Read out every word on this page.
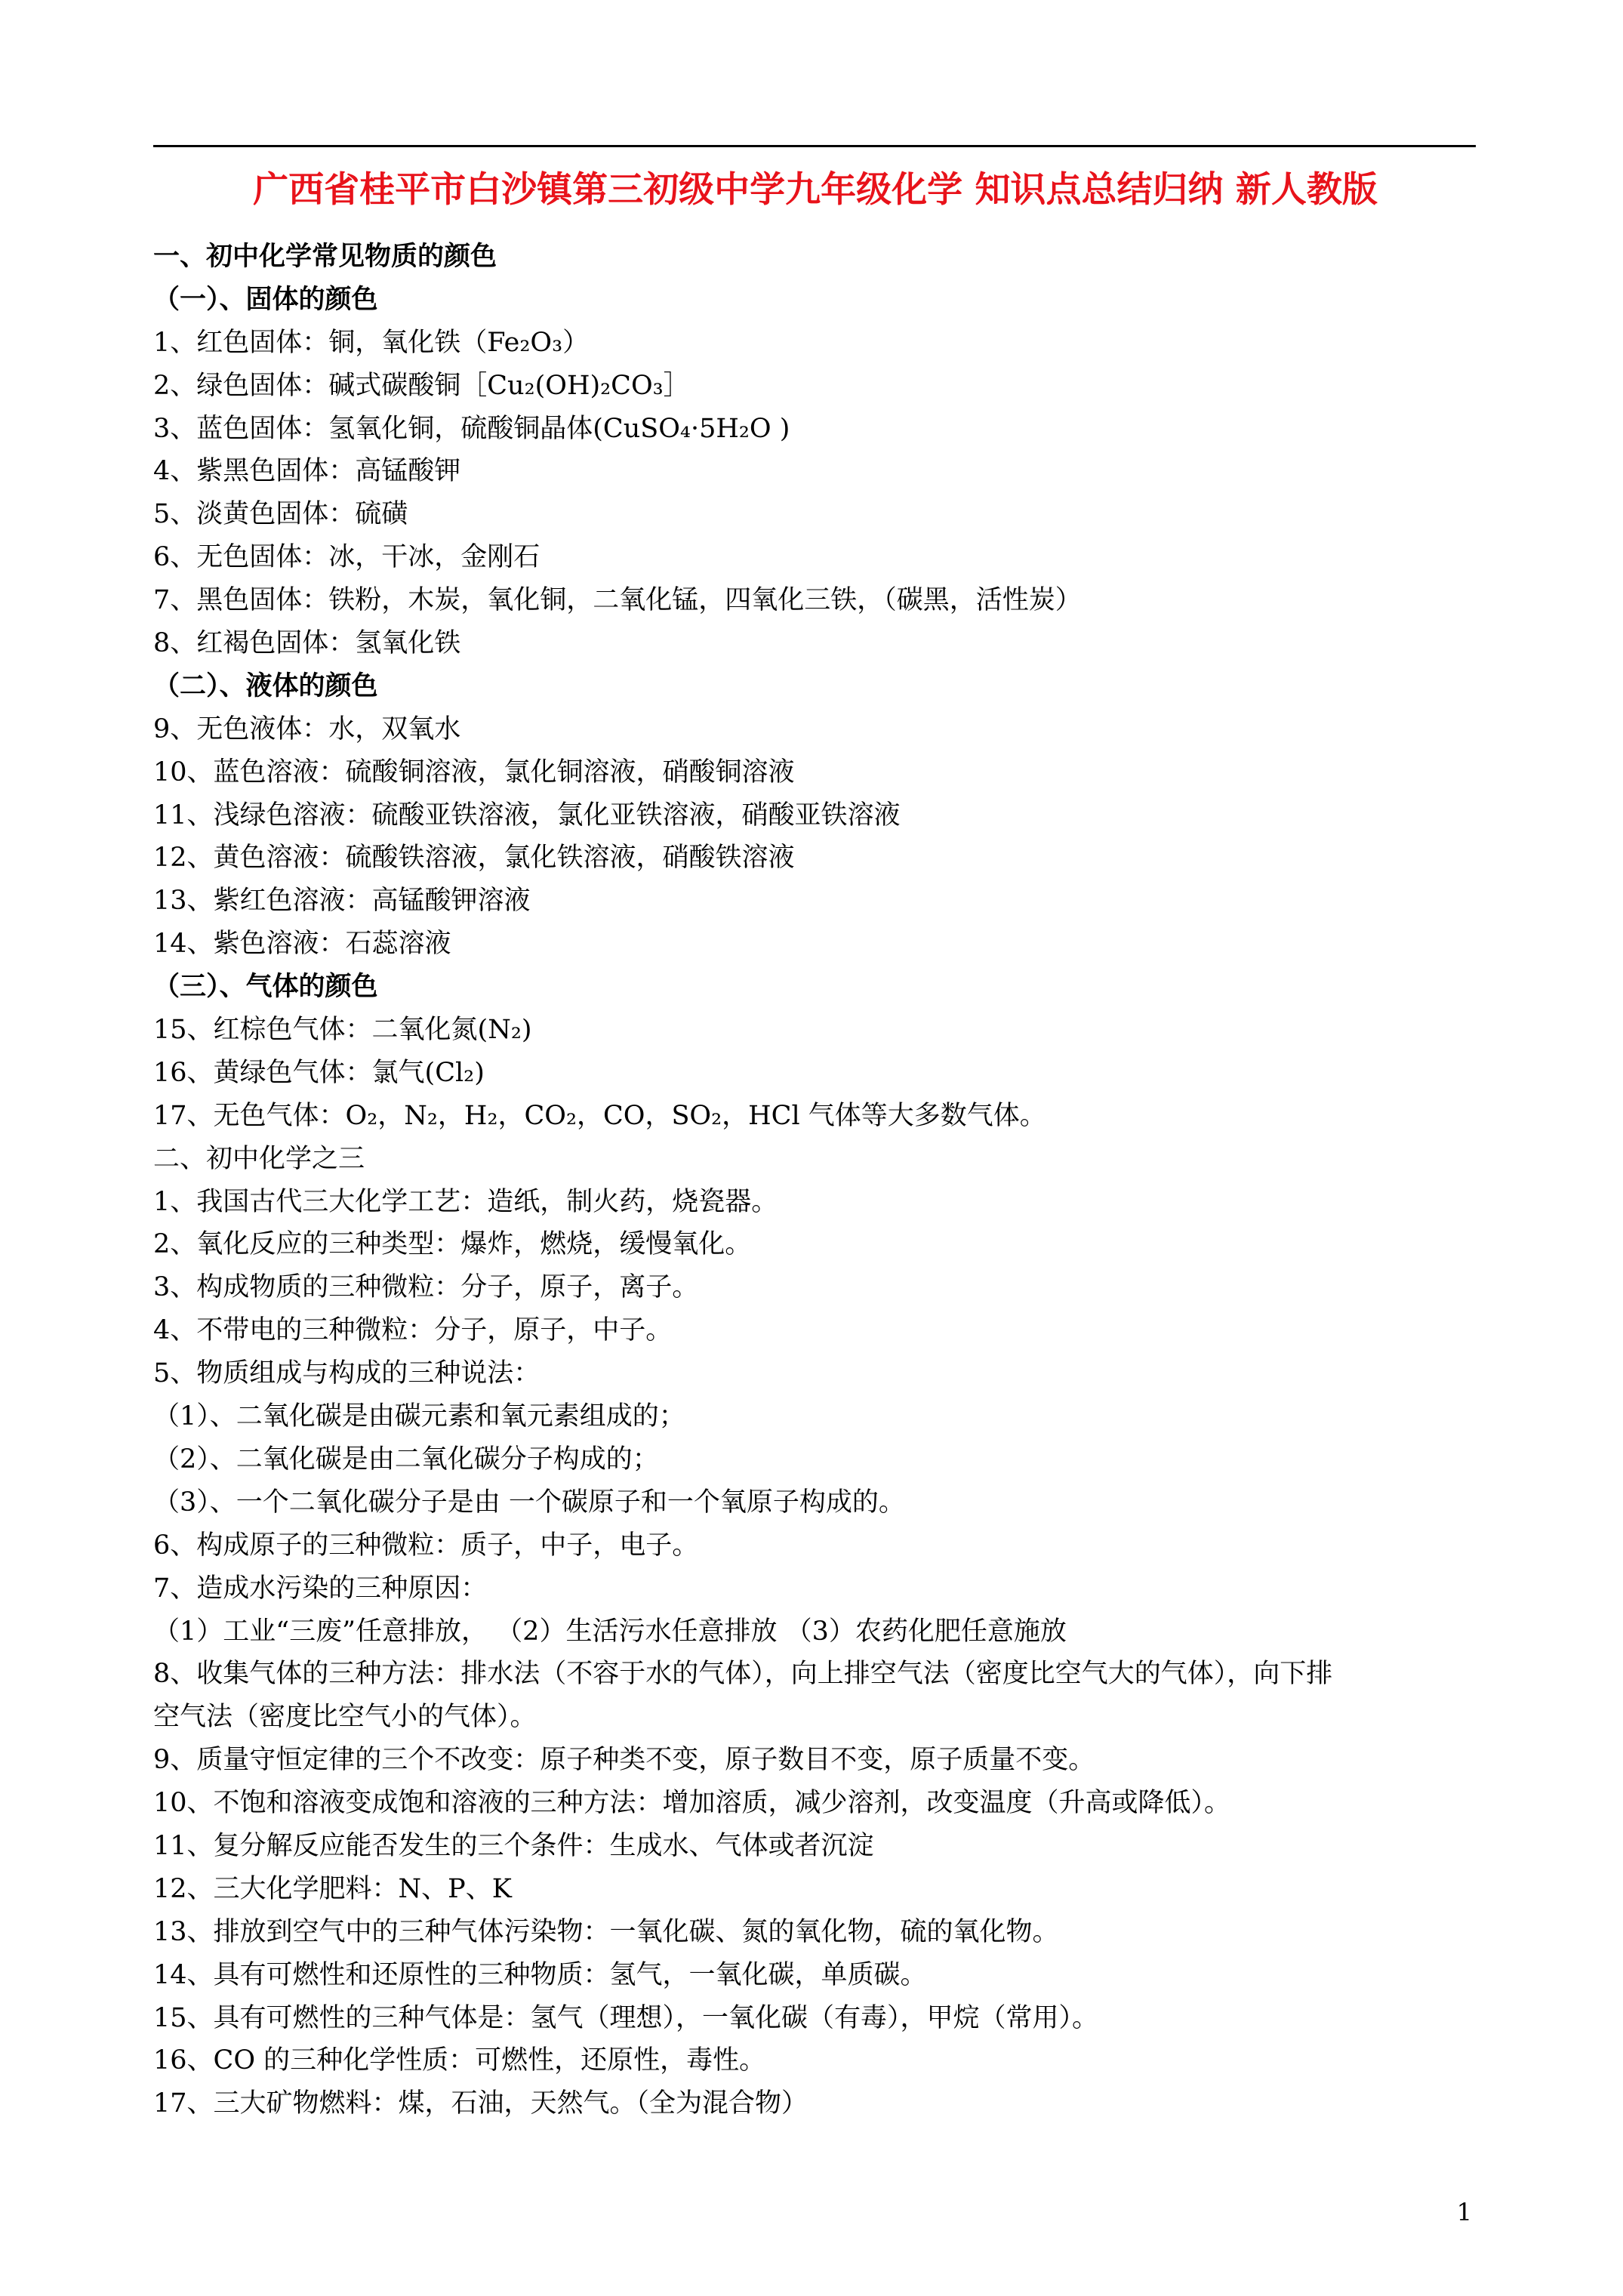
广西省桂平市白沙镇第三初级中学九年级化学 知识点总结归纳 新人教版
一、初中化学常见物质的颜色
（一）、固体的颜色
1、红色固体：铜，氧化铁（Fe₂O₃）
2、绿色固体：碱式碳酸铜［Cu₂(OH)₂CO₃］
3、蓝色固体：氢氧化铜，硫酸铜晶体(CuSO₄·5H₂O )
4、紫黑色固体：高锰酸钾
5、淡黄色固体：硫磺
6、无色固体：冰，干冰，金刚石
7、黑色固体：铁粉，木炭，氧化铜，二氧化锰，四氧化三铁，（碳黑，活性炭）
8、红褐色固体：氢氧化铁
（二）、液体的颜色
9、无色液体：水，双氧水
10、蓝色溶液：硫酸铜溶液，氯化铜溶液，硝酸铜溶液
11、浅绿色溶液：硫酸亚铁溶液，氯化亚铁溶液，硝酸亚铁溶液
12、黄色溶液：硫酸铁溶液，氯化铁溶液，硝酸铁溶液
13、紫红色溶液：高锰酸钾溶液
14、紫色溶液：石蕊溶液
（三）、气体的颜色
15、红棕色气体：二氧化氮(N₂)
16、黄绿色气体：氯气(Cl₂)
17、无色气体：O₂，N₂，H₂，CO₂，CO，SO₂，HCl 气体等大多数气体。
二、初中化学之三
1、我国古代三大化学工艺：造纸，制火药，烧瓷器。
2、氧化反应的三种类型：爆炸，燃烧，缓慢氧化。
3、构成物质的三种微粒：分子，原子，离子。
4、不带电的三种微粒：分子，原子，中子。
5、物质组成与构成的三种说法：
（1）、二氧化碳是由碳元素和氧元素组成的；
（2）、二氧化碳是由二氧化碳分子构成的；
（3）、一个二氧化碳分子是由 一个碳原子和一个氧原子构成的。
6、构成原子的三种微粒：质子，中子，电子。
7、造成水污染的三种原因：
（1）工业“三废”任意排放， （2）生活污水任意排放 （3）农药化肥任意施放
8、收集气体的三种方法：排水法（不容于水的气体），向上排空气法（密度比空气大的气体），向下排
空气法（密度比空气小的气体）。
9、质量守恒定律的三个不改变：原子种类不变，原子数目不变，原子质量不变。
10、不饱和溶液变成饱和溶液的三种方法：增加溶质，减少溶剂，改变温度（升高或降低）。
11、复分解反应能否发生的三个条件：生成水、气体或者沉淀
12、三大化学肥料：N、P、K
13、排放到空气中的三种气体污染物：一氧化碳、氮的氧化物，硫的氧化物。
14、具有可燃性和还原性的三种物质：氢气，一氧化碳，单质碳。
15、具有可燃性的三种气体是：氢气（理想），一氧化碳（有毒），甲烷（常用）。
16、CO 的三种化学性质：可燃性，还原性，毒性。
17、三大矿物燃料：煤，石油，天然气。（全为混合物）
1
